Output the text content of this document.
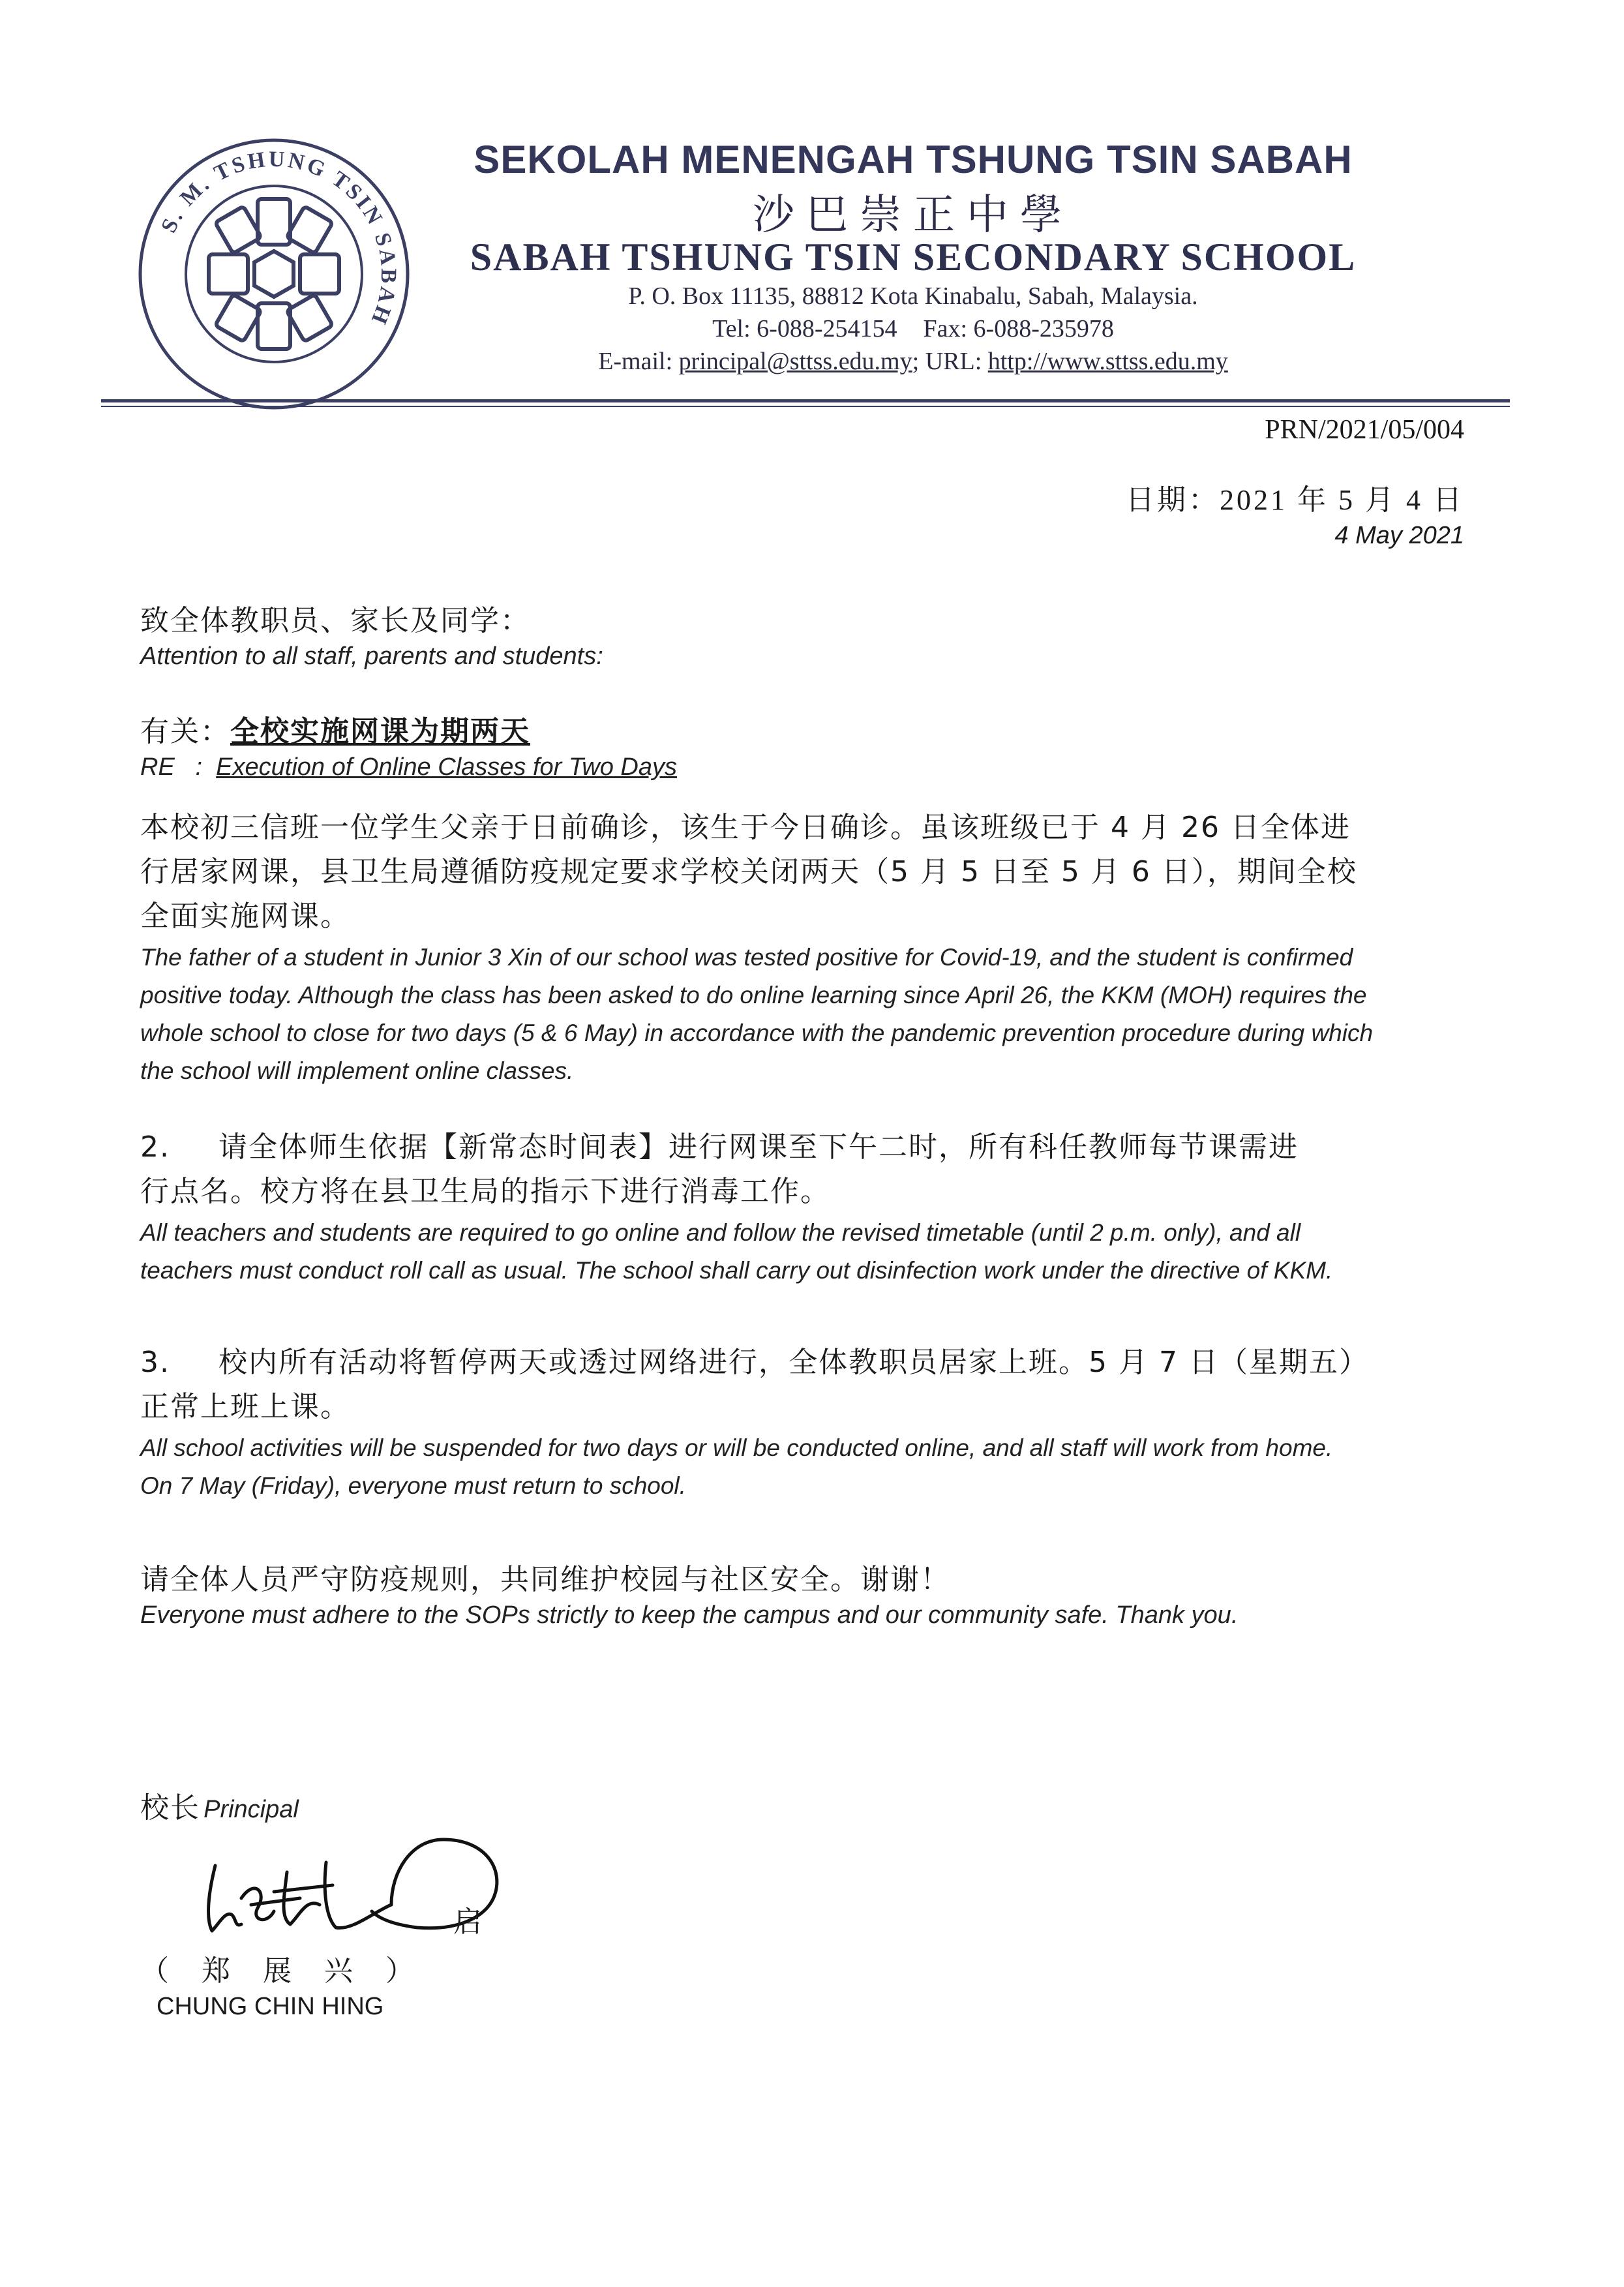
S. M. TSHUNG TSIN SABAH
SEKOLAH MENENGAH TSHUNG TSIN SABAH
沙巴崇正中學
SABAH TSHUNG TSIN SECONDARY SCHOOL
P. O. Box 11135, 88812 Kota Kinabalu, Sabah, Malaysia.
Tel: 6-088-254154 Fax: 6-088-235978
E-mail: principal@sttss.edu.my; URL: http://www.sttss.edu.my
PRN/2021/05/004
日期：2021 年 5 月 4 日
4 May 2021
致全体教职员、家长及同学：
Attention to all staff, parents and students:
有关：全校实施网课为期两天
RE   : Execution of Online Classes for Two Days
本校初三信班一位学生父亲于日前确诊，该生于今日确诊。虽该班级已于 4 月 26 日全体进
行居家网课，县卫生局遵循防疫规定要求学校关闭两天（5 月 5 日至 5 月 6 日），期间全校
全面实施网课。
The father of a student in Junior 3 Xin of our school was tested positive for Covid-19, and the student is confirmed
positive today. Although the class has been asked to do online learning since April 26, the KKM (MOH) requires the
whole school to close for two days (5 & 6 May) in accordance with the pandemic prevention procedure during which
the school will implement online classes.
2. 请全体师生依据【新常态时间表】进行网课至下午二时，所有科任教师每节课需进
行点名。校方将在县卫生局的指示下进行消毒工作。
All teachers and students are required to go online and follow the revised timetable (until 2 p.m. only), and all
teachers must conduct roll call as usual. The school shall carry out disinfection work under the directive of KKM.
3. 校内所有活动将暂停两天或透过网络进行，全体教职员居家上班。5 月 7 日（星期五）
正常上班上课。
All school activities will be suspended for two days or will be conducted online, and all staff will work from home.
On 7 May (Friday), everyone must return to school.
请全体人员严守防疫规则，共同维护校园与社区安全。谢谢！
Everyone must adhere to the SOPs strictly to keep the campus and our community safe. Thank you.
校长 Principal
启
（ 郑 展 兴 ）
CHUNG CHIN HING
